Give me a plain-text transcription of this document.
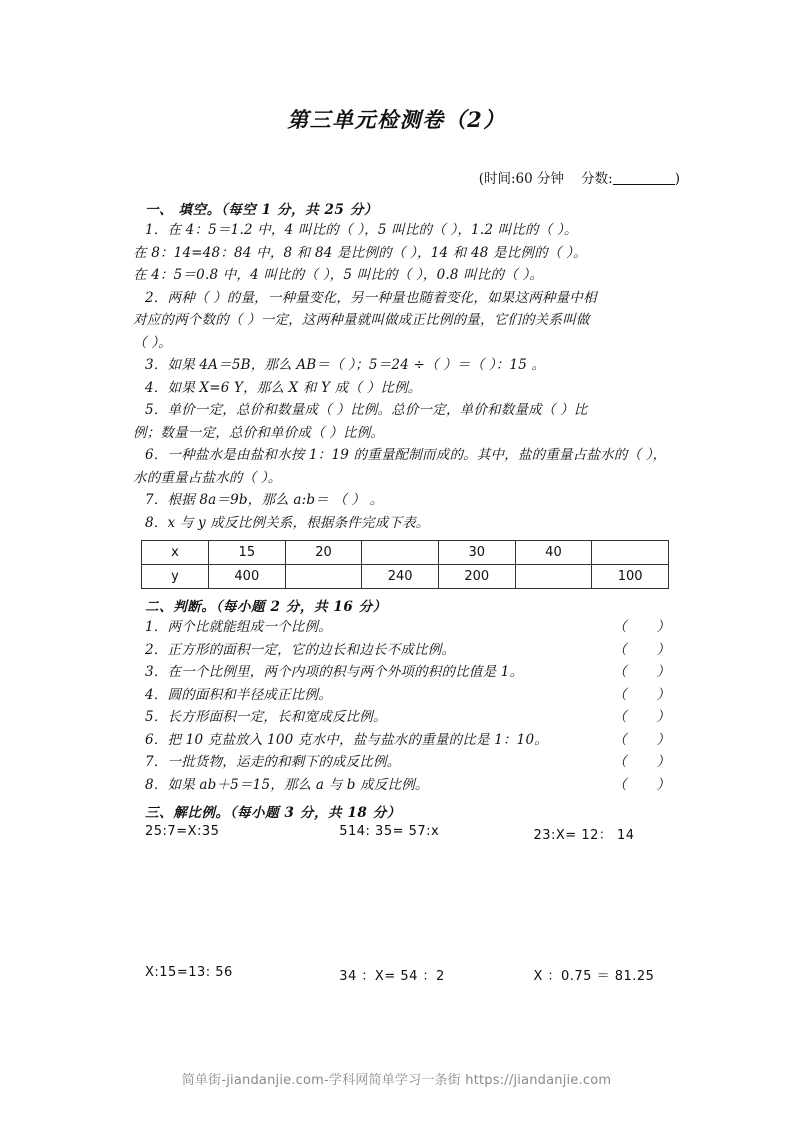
第三单元检测卷（2）
(时间:60 分钟 分数:	)
一、 填空。（每空 1 分，共 25 分）
1．在 4：5＝1.2 中，4 叫比的（ ），5 叫比的（ ），1.2 叫比的（ ）。
在 8：14=48：84 中，8 和 84 是比例的（ ），14 和 48 是比例的（ ）。
在 4：5＝0.8 中，4 叫比的（ ），5 叫比的（ ），0.8 叫比的（ ）。
2．两种（ ）的量，一种量变化，另一种量也随着变化，如果这两种量中相
对应的两个数的（ ）一定，这两种量就叫做成正比例的量，它们的关系叫做
（ ）。
3．如果 4A＝5B，那么 AB＝（ ）；5＝24 ÷（ ）＝（ ）：15 。
4．如果 X=6 Y，那么 X 和 Y 成（ ）比例。
5．单价一定，总价和数量成（ ）比例。总价一定，单价和数量成（ ）比
例；数量一定，总价和单价成（ ）比例。
6．一种盐水是由盐和水按 1：19 的重量配制而成的。其中，盐的重量占盐水的（ ），
水的重量占盐水的（ ）。
7．根据 8a＝9b，那么 a:b＝ （ ） 。
8．x 与 y 成反比例关系，根据条件完成下表。
x	15	20		30	40	
y	400		240	200		100
二、判断。（每小题 2 分，共 16 分）
1．两个比就能组成一个比例。	（ ）
2．正方形的面积一定，它的边长和边长不成比例。	（ ）
3．在一个比例里，两个内项的积与两个外项的积的比值是 1。	（ ）
4．圆的面积和半径成正比例。	（ ）
5．长方形面积一定，长和宽成反比例。	（ ）
6．把 10 克盐放入 100 克水中，盐与盐水的重量的比是 1：10。	（ ）
7．一批货物，运走的和剩下的成反比例。	（ ）
8．如果 ab＋5＝15，那么 a 与 b 成反比例。	（ ）
三、解比例。（每小题 3 分，共 18 分）
25:7=X:35	514: 35= 57:x	23:X= 12： 14
X:15=13: 56	34 ：X= 54 ：2	X ：0.75 ＝ 81.25
简单街-jiandanjie.com-学科网简单学习一条街 https://jiandanjie.com
